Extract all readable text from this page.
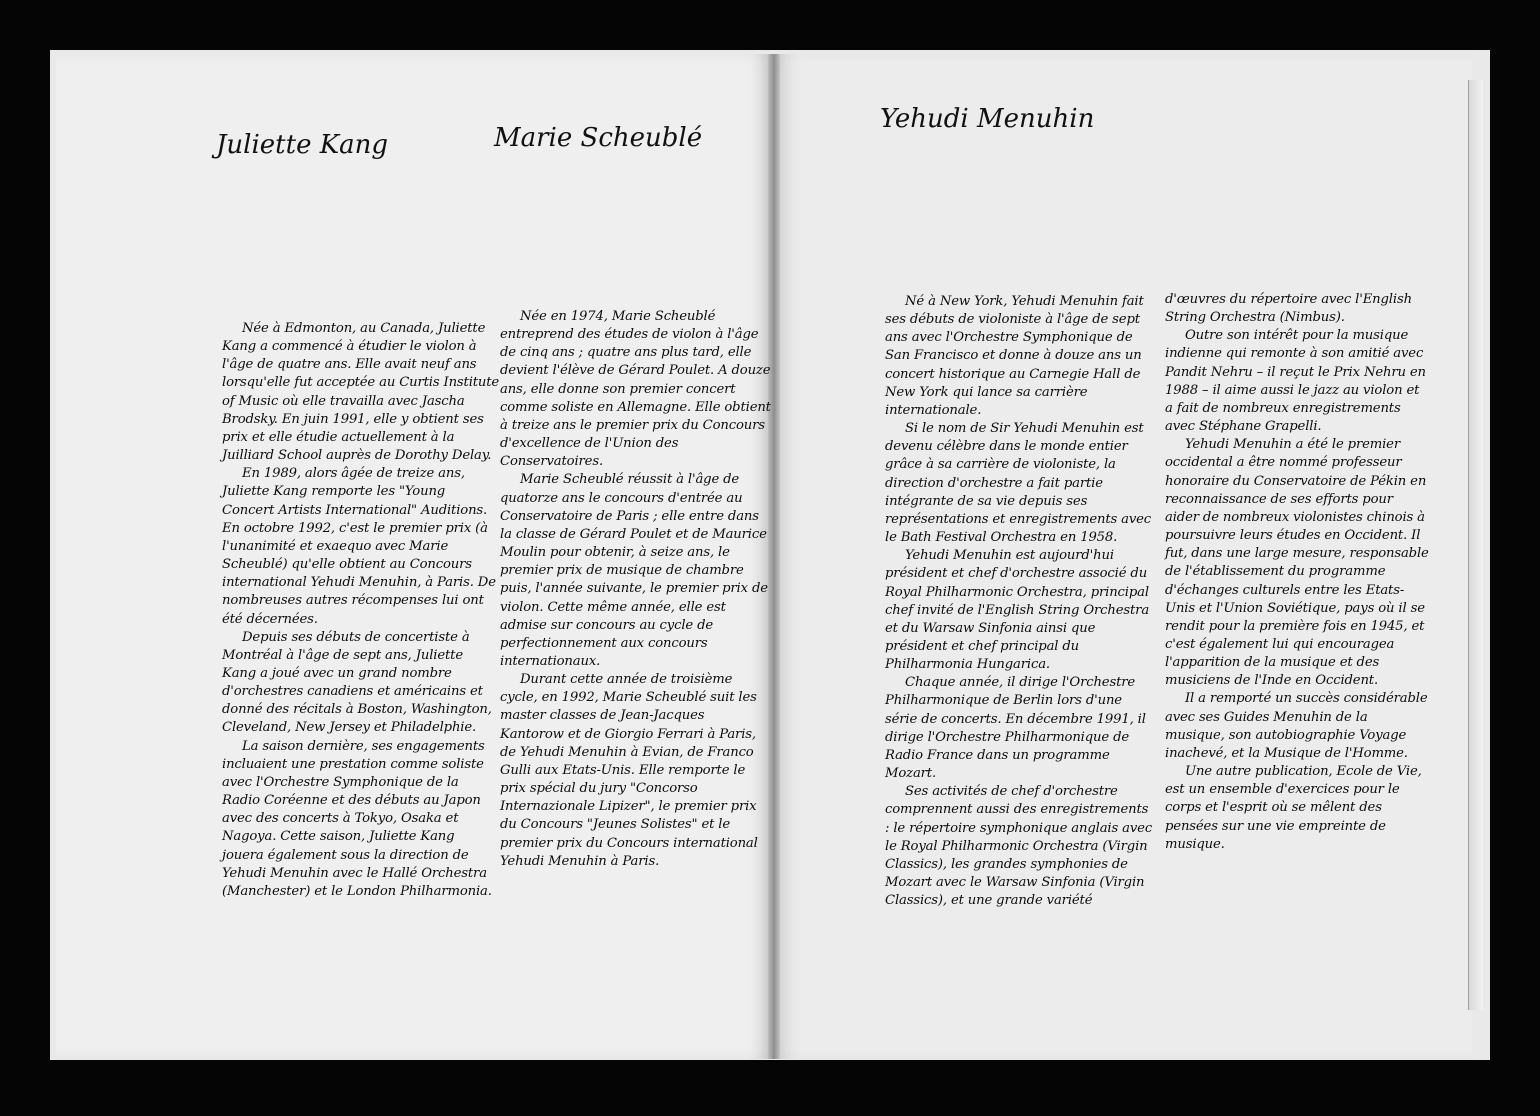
Juliette Kang

Née à Edmonton, au Canada, Juliette Kang a commencé à étudier le violon à l'âge de quatre ans. Elle avait neuf ans lorsqu'elle fut acceptée au Curtis Institute of Music où elle travailla avec Jascha Brodsky. En juin 1991, elle y obtient ses prix et elle étudie actuellement à la Juilliard School auprès de Dorothy Delay.

En 1989, alors âgée de treize ans, Juliette Kang remporte les "Young Concert Artists International" Auditions. En octobre 1992, c'est le premier prix (à l'unanimité et exaequo avec Marie Scheublé) qu'elle obtient au Concours international Yehudi Menuhin, à Paris. De nombreuses autres récompenses lui ont été décernées.

Depuis ses débuts de concertiste à Montréal à l'âge de sept ans, Juliette Kang a joué avec un grand nombre d'orchestres canadiens et américains et donné des récitals à Boston, Washington, Cleveland, New Jersey et Philadelphie.

La saison dernière, ses engagements incluaient une prestation comme soliste avec l'Orchestre Symphonique de la Radio Coréenne et des débuts au Japon avec des concerts à Tokyo, Osaka et Nagoya. Cette saison, Juliette Kang jouera également sous la direction de Yehudi Menuhin avec le Hallé Orchestra (Manchester) et le London Philharmonia.

Marie Scheublé

Née en 1974, Marie Scheublé entreprend des études de violon à l'âge de cinq ans ; quatre ans plus tard, elle devient l'élève de Gérard Poulet. A douze ans, elle donne son premier concert comme soliste en Allemagne. Elle obtient à treize ans le premier prix du Concours d'excellence de l'Union des Conservatoires.

Marie Scheublé réussit à l'âge de quatorze ans le concours d'entrée au Conservatoire de Paris ; elle entre dans la classe de Gérard Poulet et de Maurice Moulin pour obtenir, à seize ans, le premier prix de musique de chambre puis, l'année suivante, le premier prix de violon. Cette même année, elle est admise sur concours au cycle de perfectionnement aux concours internationaux.

Durant cette année de troisième cycle, en 1992, Marie Scheublé suit les master classes de Jean-Jacques Kantorow et de Giorgio Ferrari à Paris, de Yehudi Menuhin à Evian, de Franco Gulli aux Etats-Unis. Elle remporte le prix spécial du jury "Concorso Internazionale Lipizer", le premier prix du Concours "Jeunes Solistes" et le premier prix du Concours international Yehudi Menuhin à Paris.

Yehudi Menuhin

Né à New York, Yehudi Menuhin fait ses débuts de violoniste à l'âge de sept ans avec l'Orchestre Symphonique de San Francisco et donne à douze ans un concert historique au Carnegie Hall de New York qui lance sa carrière internationale.

Si le nom de Sir Yehudi Menuhin est devenu célèbre dans le monde entier grâce à sa carrière de violoniste, la direction d'orchestre a fait partie intégrante de sa vie depuis ses représentations et enregistrements avec le Bath Festival Orchestra en 1958.

Yehudi Menuhin est aujourd'hui président et chef d'orchestre associé du Royal Philharmonic Orchestra, principal chef invité de l'English String Orchestra et du Warsaw Sinfonia ainsi que président et chef principal du Philharmonia Hungarica.

Chaque année, il dirige l'Orchestre Philharmonique de Berlin lors d'une série de concerts. En décembre 1991, il dirige l'Orchestre Philharmonique de Radio France dans un programme Mozart.

Ses activités de chef d'orchestre comprennent aussi des enregistrements : le répertoire symphonique anglais avec le Royal Philharmonic Orchestra (Virgin Classics), les grandes symphonies de Mozart avec le Warsaw Sinfonia (Virgin Classics), et une grande variété

d'œuvres du répertoire avec l'English String Orchestra (Nimbus).

Outre son intérêt pour la musique indienne qui remonte à son amitié avec Pandit Nehru – il reçut le Prix Nehru en 1988 – il aime aussi le jazz au violon et a fait de nombreux enregistrements avec Stéphane Grapelli.

Yehudi Menuhin a été le premier occidental a être nommé professeur honoraire du Conservatoire de Pékin en reconnaissance de ses efforts pour aider de nombreux violonistes chinois à poursuivre leurs études en Occident. Il fut, dans une large mesure, responsable de l'établissement du programme d'échanges culturels entre les Etats-Unis et l'Union Soviétique, pays où il se rendit pour la première fois en 1945, et c'est également lui qui encouragea l'apparition de la musique et des musiciens de l'Inde en Occident.

Il a remporté un succès considérable avec ses Guides Menuhin de la musique, son autobiographie Voyage inachevé, et la Musique de l'Homme.

Une autre publication, Ecole de Vie, est un ensemble d'exercices pour le corps et l'esprit où se mêlent des pensées sur une vie empreinte de musique.
